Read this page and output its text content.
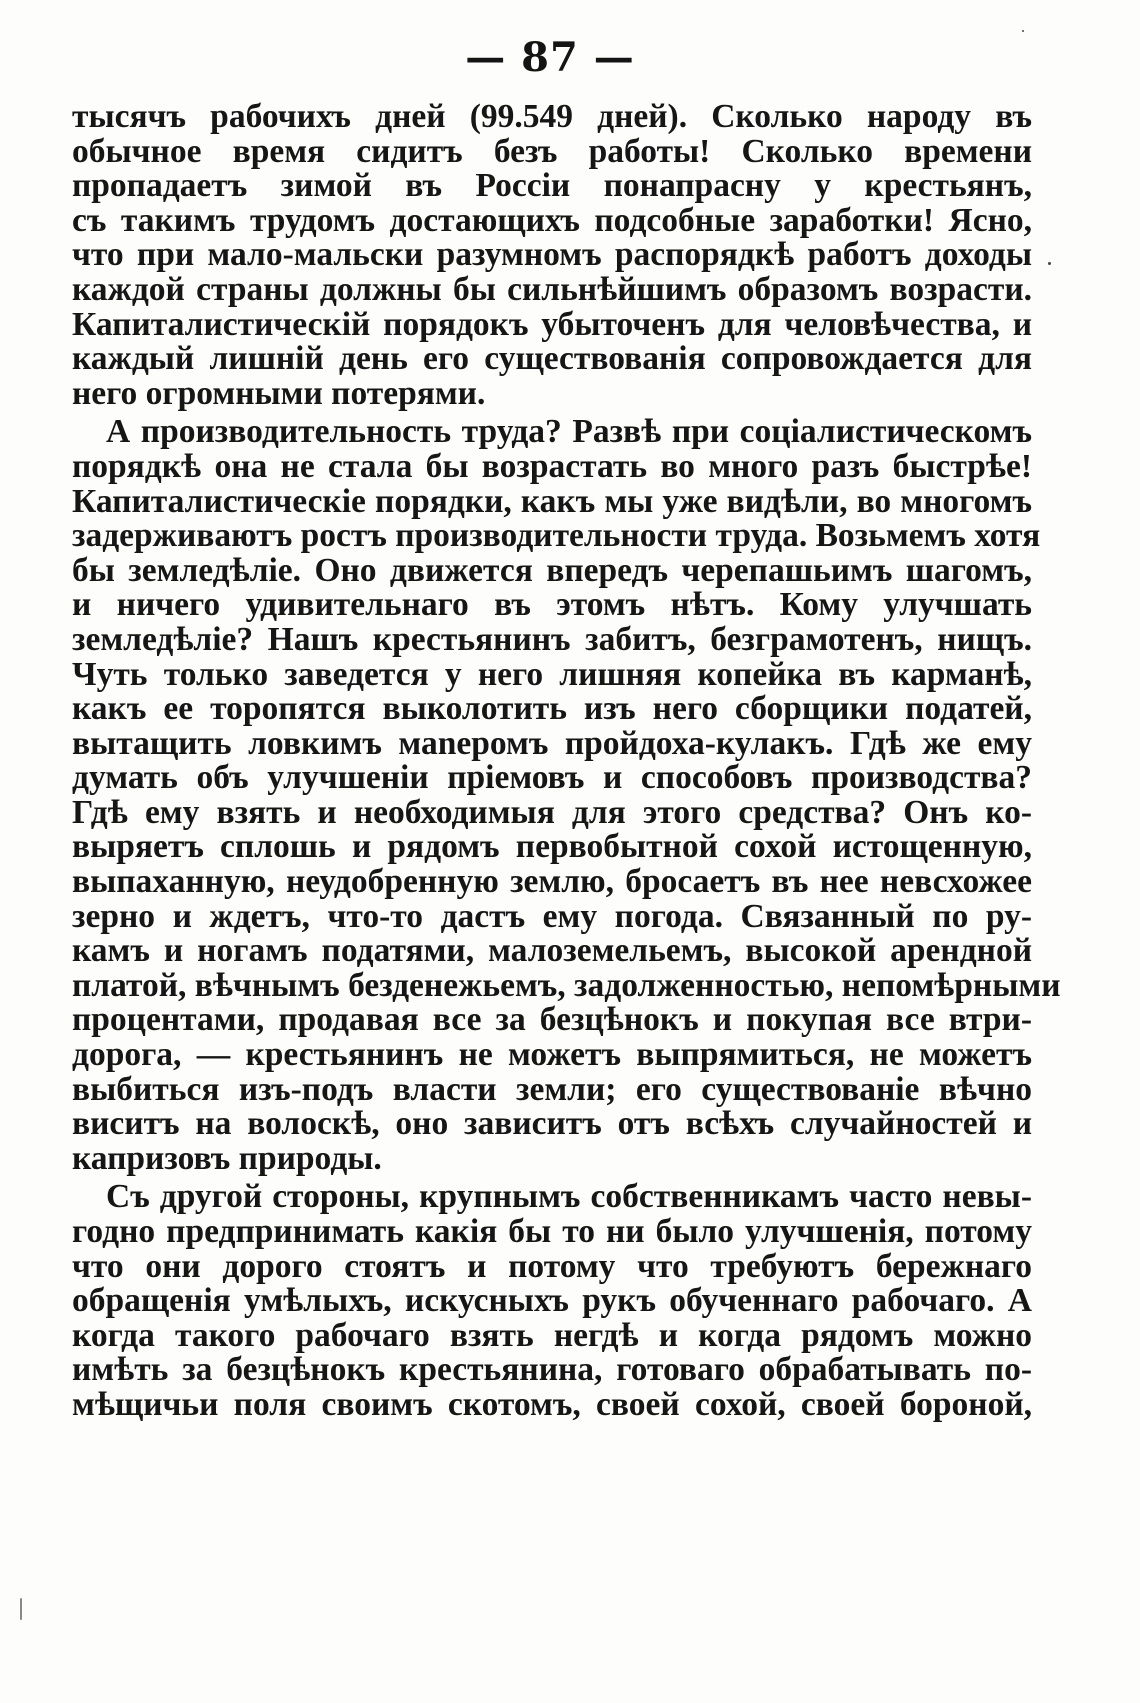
— 87 —
тысячъ рабочихъ дней (99.549 дней). Сколько народу въ
обычное время сидитъ безъ работы! Сколько времени
пропадаетъ зимой въ Россіи понапрасну у крестьянъ,
съ такимъ трудомъ достающихъ подсобные заработки! Ясно,
что при мало-мальски разумномъ распорядкѣ работъ доходы
каждой страны должны бы сильнѣйшимъ образомъ возрасти.
Капиталистическій порядокъ убыточенъ для человѣчества, и
каждый лишній день его существованія сопровождается для
него огромными потерями.
А производительность труда? Развѣ при соціалистическомъ
порядкѣ она не стала бы возрастать во много разъ быстрѣе!
Капиталистическіе порядки, какъ мы уже видѣли, во многомъ
задерживаютъ ростъ производительности труда. Возьмемъ хотя
бы земледѣліе. Оно движется впередъ черепашьимъ шагомъ,
и ничего удивительнаго въ этомъ нѣтъ. Кому улучшать
земледѣліе? Нашъ крестьянинъ забитъ, безграмотенъ, нищъ.
Чуть только заведется у него лишняя копейка въ карманѣ,
какъ ее торопятся выколотить изъ него сборщики податей,
вытащить ловкимъ маneромъ пройдоха-кулакъ. Гдѣ же ему
думать объ улучшеніи пріемовъ и способовъ производства?
Гдѣ ему взять и необходимыя для этого средства? Онъ ко-
выряетъ сплошь и рядомъ первобытной сохой истощенную,
выпаханную, неудобренную землю, бросаетъ въ нее невсхожее
зерно и ждетъ, что-то дастъ ему погода. Связанный по ру-
камъ и ногамъ податями, малоземельемъ, высокой арендной
платой, вѣчнымъ безденежьемъ, задолженностью, непомѣрными
процентами, продавая все за безцѣнокъ и покупая все втри-
дорога, — крестьянинъ не можетъ выпрямиться, не можетъ
выбиться изъ-подъ власти земли; его существованіе вѣчно
виситъ на волоскѣ, оно зависитъ отъ всѣхъ случайностей и
капризовъ природы.
Съ другой стороны, крупнымъ собственникамъ часто невы-
годно предпринимать какія бы то ни было улучшенія, потому
что они дорого стоятъ и потому что требуютъ бережнаго
обращенія умѣлыхъ, искусныхъ рукъ обученнаго рабочаго. А
когда такого рабочаго взять негдѣ и когда рядомъ можно
имѣть за безцѣнокъ крестьянина, готоваго обрабатывать по-
мѣщичьи поля своимъ скотомъ, своей сохой, своей бороной,
